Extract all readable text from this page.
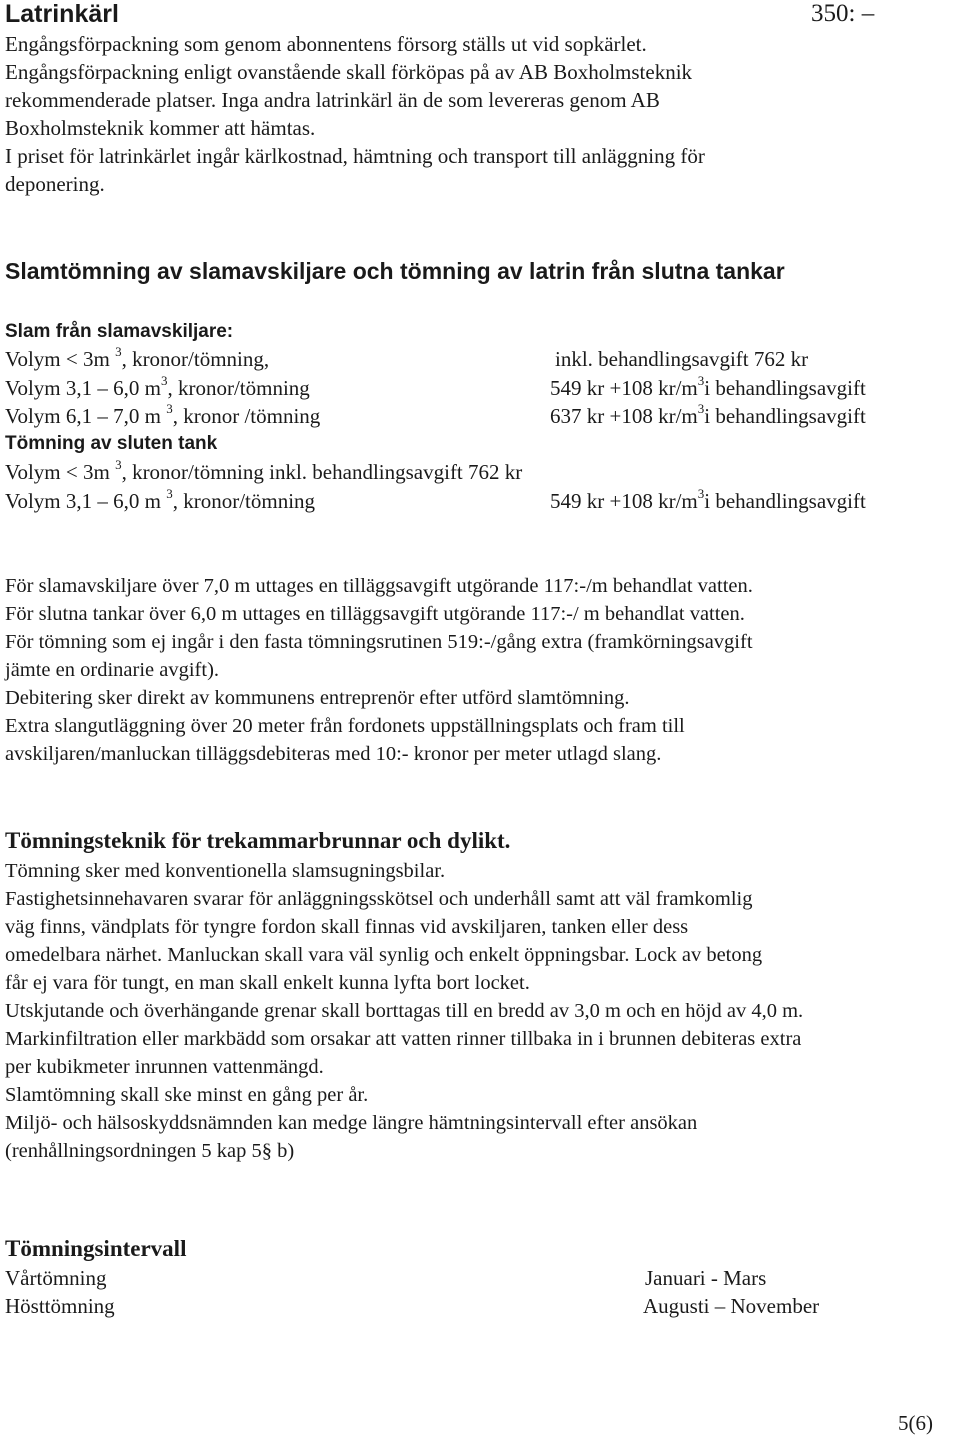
Latrinkärl	350: –
Engångsförpackning som genom abonnentens försorg ställs ut vid sopkärlet.
Engångsförpackning enligt ovanstående skall förköpas på av AB Boxholmsteknik
rekommenderade platser. Inga andra latrinkärl än de som levereras genom AB
Boxholmsteknik kommer att hämtas.
I priset för latrinkärlet ingår kärlkostnad, hämtning och transport till anläggning för
deponering.
Slamtömning av slamavskiljare och tömning av latrin från slutna tankar
Slam från slamavskiljare:
Volym < 3m $^3$, kronor/tömning,	inkl. behandlingsavgift 762 kr
Volym 3,1 – 6,0 $m^3$, kronor/tömning	549 kr +108 $kr/m^3i$ behandlingsavgift
Volym 6,1 – 7,0 m $^3$, kronor /tömning	637 kr +108 $kr/m^3i$ behandlingsavgift
Tömning av sluten tank
Volym < 3m $^3$, kronor/tömning inkl. behandlingsavgift 762 kr
Volym 3,1 – 6,0 m $^3$, kronor/tömning	549 kr +108 $kr/m^3i$ behandlingsavgift
För slamavskiljare över 7,0 m uttages en tilläggsavgift utgörande 117:-/m behandlat vatten.
För slutna tankar över 6,0 m uttages en tilläggsavgift utgörande 117:-/ m behandlat vatten.
För tömning som ej ingår i den fasta tömningsrutinen 519:-/gång extra (framkörningsavgift
jämte en ordinarie avgift).
Debitering sker direkt av kommunens entreprenör efter utförd slamtömning.
Extra slangutläggning över 20 meter från fordonets uppställningsplats och fram till
avskiljaren/manluckan tilläggsdebiteras med 10:- kronor per meter utlagd slang.
Tömningsteknik för trekammarbrunnar och dylikt.
Tömning sker med konventionella slamsugningsbilar.
Fastighetsinnehavaren svarar för anläggningsskötsel och underhåll samt att väl framkomlig
väg finns, vändplats för tyngre fordon skall finnas vid avskiljaren, tanken eller dess
omedelbara närhet. Manluckan skall vara väl synlig och enkelt öppningsbar. Lock av betong
får ej vara för tungt, en man skall enkelt kunna lyfta bort locket.
Utskjutande och överhängande grenar skall borttagas till en bredd av 3,0 m och en höjd av 4,0 m.
Markinfiltration eller markbädd som orsakar att vatten rinner tillbaka in i brunnen debiteras extra
per kubikmeter inrunnen vattenmängd.
Slamtömning skall ske minst en gång per år.
Miljö- och hälsoskyddsnämnden kan medge längre hämtningsintervall efter ansökan
(renhållningsordningen 5 kap 5§ b)
Tömningsintervall
Vårtömning	Januari - Mars
Hösttömning	Augusti – November
5(6)
